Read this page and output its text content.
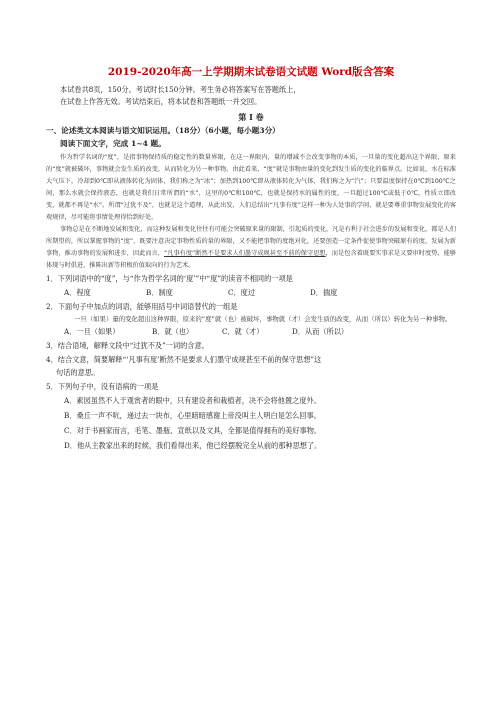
2019-2020年高一上学期期末试卷语文试题 Word版含答案

本试卷共8页，150分。考试时长150分钟。考生务必将答案写在答题纸上，

在试卷上作答无效。考试结束后，将本试卷和答题纸一并交回。

第 I 卷

一、论述类文本阅读与语文知识运用。（18分）（6小题，每小题3分）

阅读下面文字，完成 1~4 题。

作为哲学名词的“度”，是指事物保持质的稳定性的数量界限，在这一界限内，量的增减不会改变事物的本质，一旦量的变化超出这个界限，原来的“度”就被破坏，事物就会发生质的改变，从而转化为另一种事物。由此看来，“度”就是事物由量的变化到发生质的变化的临界点。比如说，水在标准大气压下，冷却到0℃即从液体转化为固体，我们称之为“冰”；加热到100℃即从液体转化为气体，我们称之为“汽”；只要温度保持在0℃到100℃之间，那么水就会保持液态，也就是我们日常所谓的“水”，这里的0℃和100℃，也就是保持水的属性的度，一旦超过100℃或低于0℃，性质立即改变，就都不再是“水”。所谓“过犹不及”，也就是这个道理，从此出发，人们总结出“凡事有度”这样一种为人处事的学问，就是要尊重事物发展变化的客观规律，尽可能将事情处理得恰到好处。

事物总是在不断地发展和变化，而这种发展和变化往往有可能会突破原来量的限制，引起质的变化，凡是有利于社会进步的发展和变化，都是人们所期望的，所以掌握事物的“度”，既要注意决定事物性质的量的界限，又不能把事物的度绝对化，还要创造一定条件促使事物突破原有的度，发展为新事物，推动事物的发展和进步，因此而言，“凡事有度”断然不是要求人们墨守成规甚至不前的保守思想，而是包含着既要实事求是又要审时度势，能够体现与时俱进，推陈出新等积极价值取向的行为艺术。

1．下列词语中的“度”，与“作为哲学名词的‘度’”中“度”的读音不相同的一项是

A．程度	B．制度	C．度过	D．揣度

2．下面句子中加点的词语，能够用括号中词语替代的一组是

一旦（如果）量的变化超出这种界限，原来的“度”就（也）被破坏，事物就（才）会发生质的改变，从而（所以）转化为另一种事物。

A．一旦（如果）	B．就（也）	C．就（才）	D．从而（所以）

3．结合语境，解释文段中“过犹不及”一词的含意。

4．结合文意，简要解释“‘凡事有度’断然不是要求人们墨守成规甚至不前的保守思想”这

句话的意思。

5．下列句子中，没有语病的一项是

A．素园虽然不入于观赏者的眼中，只有建设者和栽植者，决不会将他置之度外。

B．桑丘一声不吭，递过去一块布，心里暗暗感谢上帝没叫主人明白是怎么回事。

C．对于书画家而言，毛笔、墨瓶、宣纸以及文具，全都是值得拥有的美好事物。

D．他从主教家出来的时候，我们看得出来，他已经摆脱完全从前的那种思想了。
